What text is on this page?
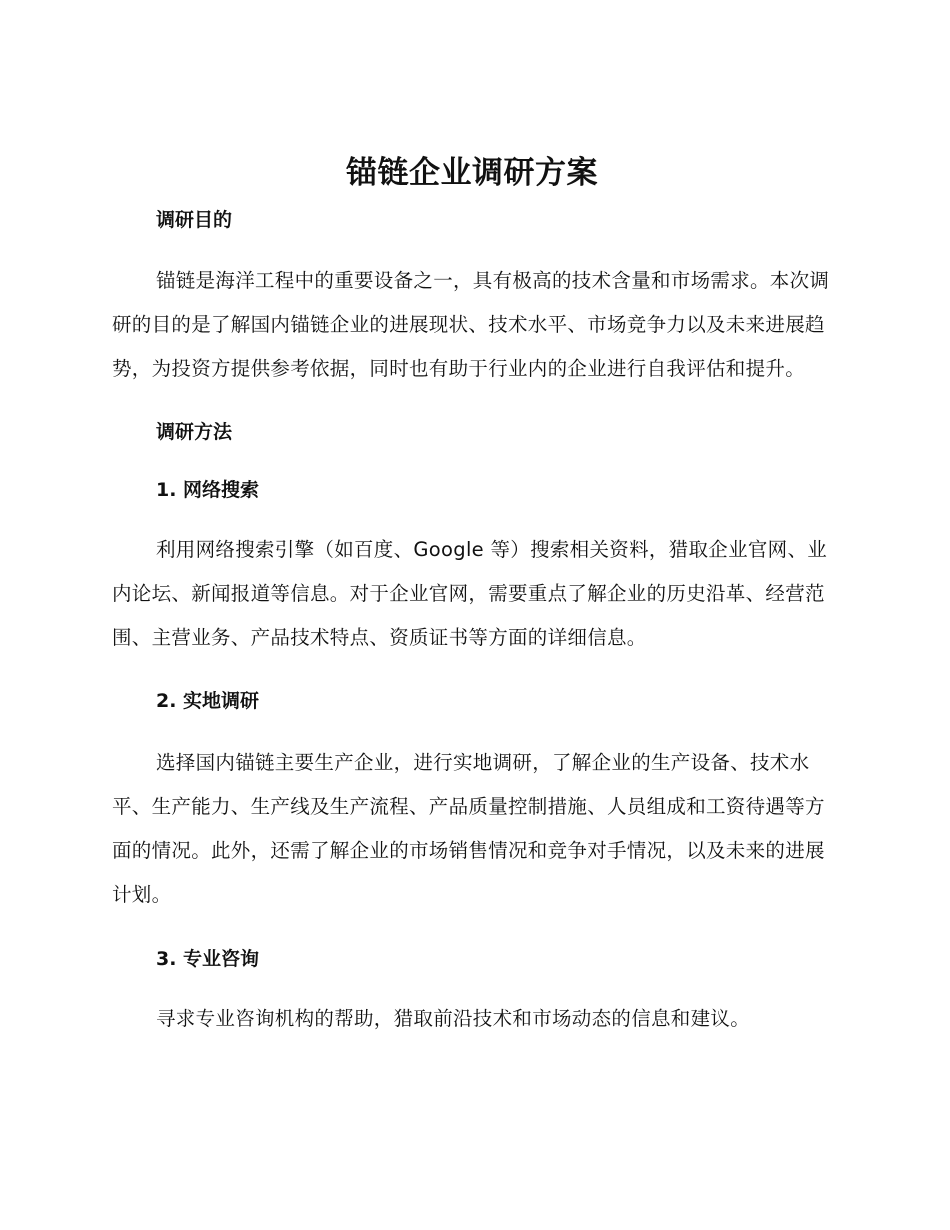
锚链企业调研方案
调研目的

锚链是海洋工程中的重要设备之一，具有极高的技术含量和市场需求。本次调研的目的是了解国内锚链企业的进展现状、技术水平、市场竞争力以及未来进展趋势，为投资方提供参考依据，同时也有助于行业内的企业进行自我评估和提升。

调研方法
1. 网络搜索

利用网络搜索引擎（如百度、Google 等）搜索相关资料，猎取企业官网、业内论坛、新闻报道等信息。对于企业官网，需要重点了解企业的历史沿革、经营范围、主营业务、产品技术特点、资质证书等方面的详细信息。

2. 实地调研

选择国内锚链主要生产企业，进行实地调研，了解企业的生产设备、技术水平、生产能力、生产线及生产流程、产品质量控制措施、人员组成和工资待遇等方面的情况。此外，还需了解企业的市场销售情况和竞争对手情况，以及未来的进展计划。

3. 专业咨询

寻求专业咨询机构的帮助，猎取前沿技术和市场动态的信息和建议。
